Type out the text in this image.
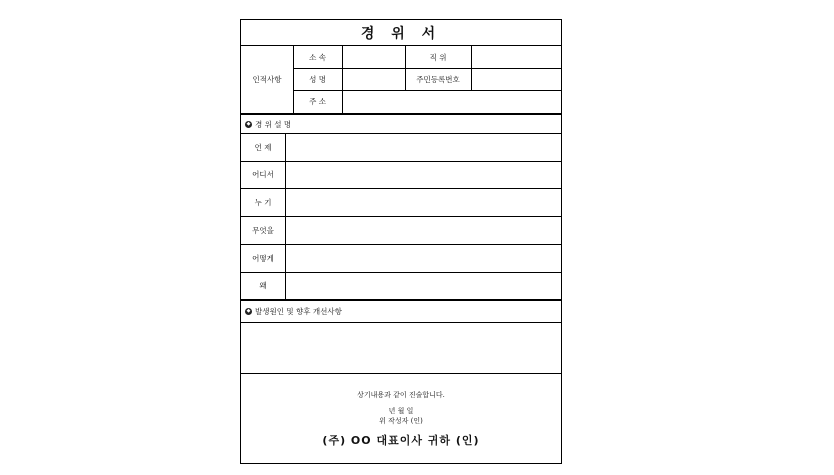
경 위 서
인적사항
소 속	직 위
성 명	주민등록번호
주 소
◆ 경 위 설 명
언 제
어디서
누 기
무엇을
어떻게
왜
◆ 발생원인 및 향후 개선사항
상기내용과 같이 진술합니다.
년 월 일
위 작성자 (인)
(주) OO 대표이사 귀하 (인)
